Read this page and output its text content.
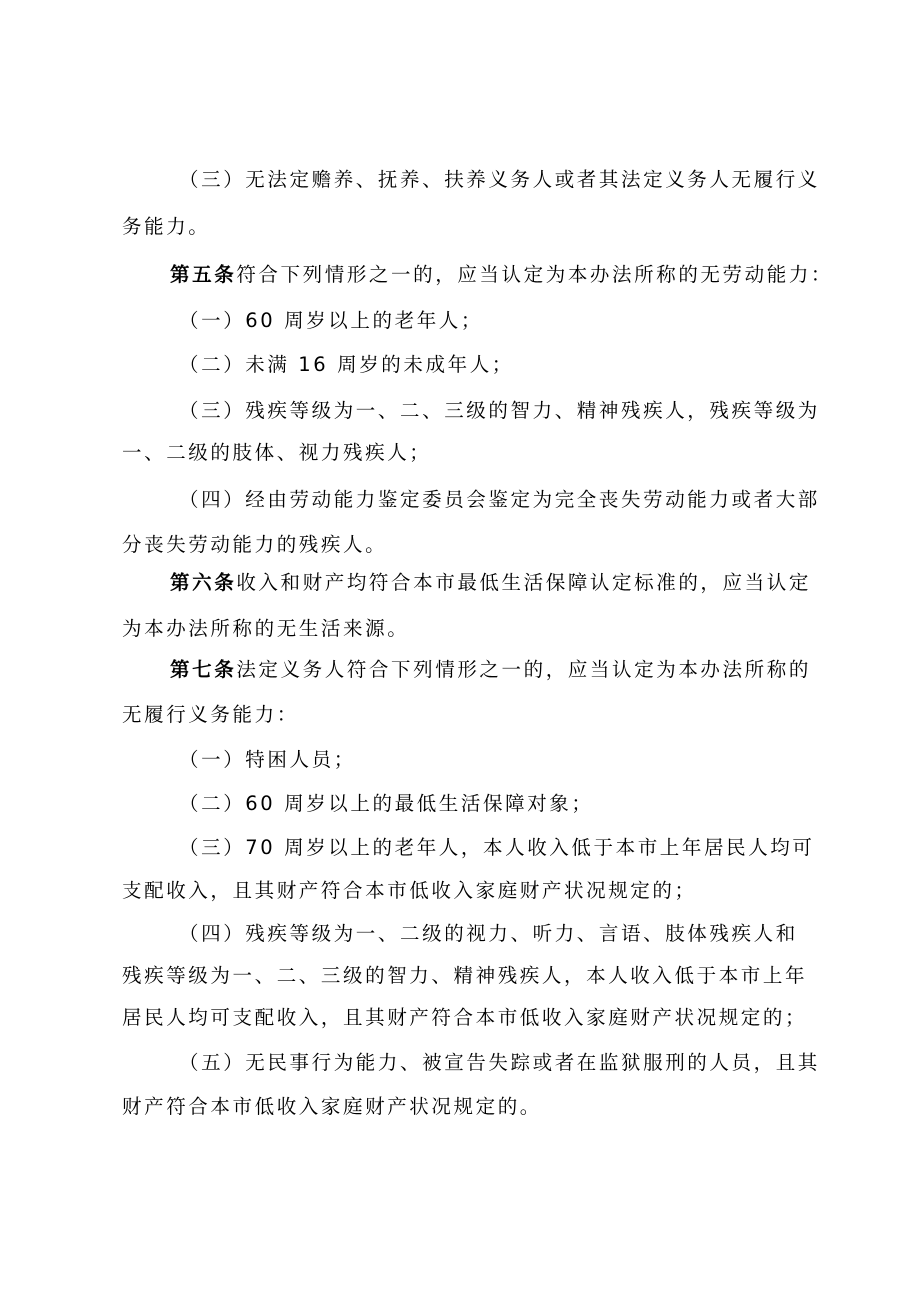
（三）无法定赡养、抚养、扶养义务人或者其法定义务人无履行义
务能力。
第五条符合下列情形之一的，应当认定为本办法所称的无劳动能力：
（一）60 周岁以上的老年人；
（二）未满 16 周岁的未成年人；
（三）残疾等级为一、二、三级的智力、精神残疾人，残疾等级为
一、二级的肢体、视力残疾人；
（四）经由劳动能力鉴定委员会鉴定为完全丧失劳动能力或者大部
分丧失劳动能力的残疾人。
第六条收入和财产均符合本市最低生活保障认定标准的，应当认定
为本办法所称的无生活来源。
第七条法定义务人符合下列情形之一的，应当认定为本办法所称的
无履行义务能力：
（一）特困人员；
（二）60 周岁以上的最低生活保障对象；
（三）70 周岁以上的老年人，本人收入低于本市上年居民人均可
支配收入，且其财产符合本市低收入家庭财产状况规定的；
（四）残疾等级为一、二级的视力、听力、言语、肢体残疾人和
残疾等级为一、二、三级的智力、精神残疾人，本人收入低于本市上年
居民人均可支配收入，且其财产符合本市低收入家庭财产状况规定的；
（五）无民事行为能力、被宣告失踪或者在监狱服刑的人员，且其
财产符合本市低收入家庭财产状况规定的。
